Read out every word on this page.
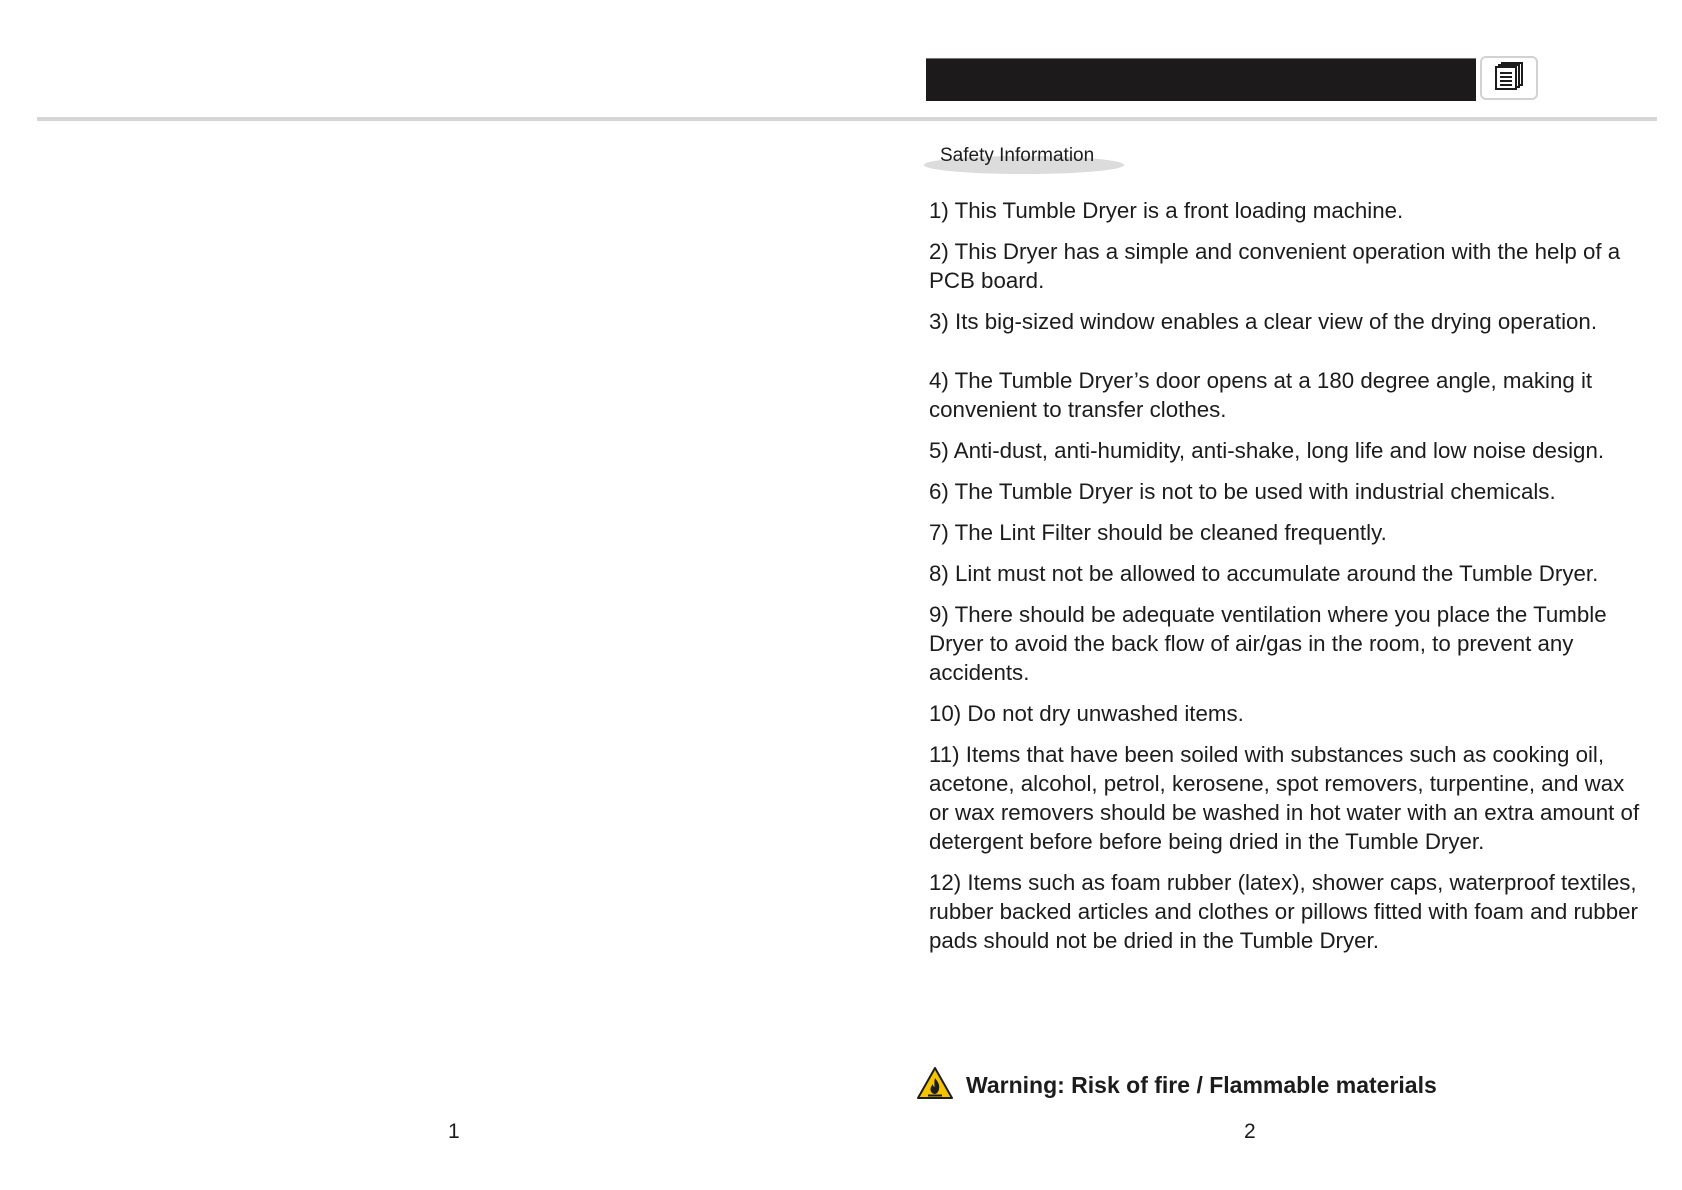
Safety Information
1) This Tumble Dryer is a front loading machine.
2) This Dryer has a simple and convenient operation with the help of a PCB board.
3) Its big-sized window enables a clear view of the drying operation.
4) The Tumble Dryer’s door opens at a 180 degree angle, making it convenient to transfer clothes.
5) Anti-dust, anti-humidity, anti-shake, long life and low noise design.
6) The Tumble Dryer is not to be used with industrial chemicals.
7) The Lint Filter should be cleaned frequently.
8) Lint must not be allowed to accumulate around the Tumble Dryer.
9) There should be adequate ventilation where you place the Tumble Dryer to avoid the back flow of air/gas in the room, to prevent any accidents.
10) Do not dry unwashed items.
11) Items that have been soiled with substances such as cooking oil, acetone, alcohol, petrol, kerosene, spot removers, turpentine, and wax or wax removers should be washed in hot water with an extra amount of detergent before before being dried in the Tumble Dryer.
12) Items such as foam rubber (latex), shower caps, waterproof textiles, rubber backed articles and clothes or pillows fitted with foam and rubber pads should not be dried in the Tumble Dryer.
Warning: Risk of fire / Flammable materials
1	2
